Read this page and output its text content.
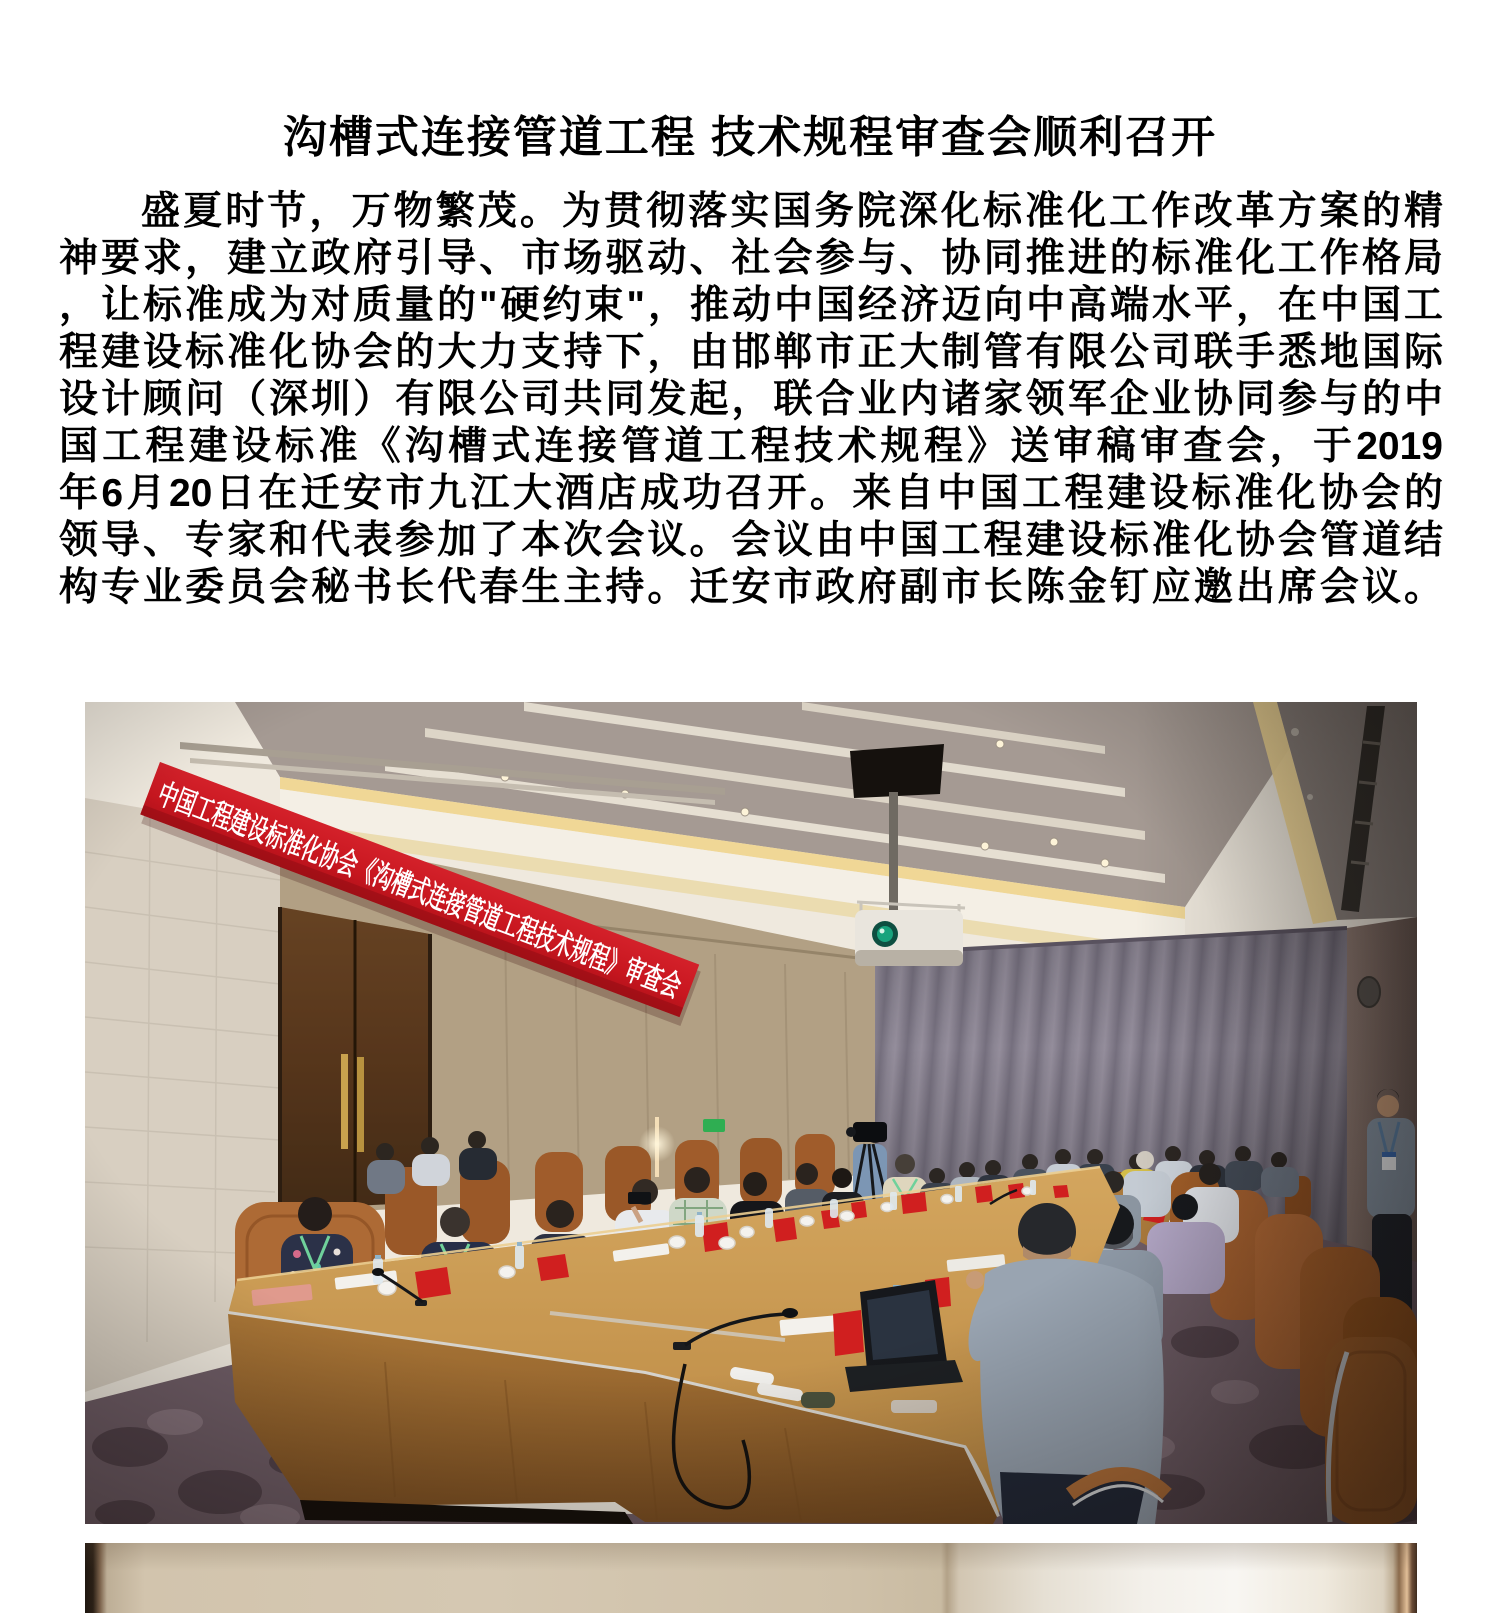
沟槽式连接管道工程 技术规程审查会顺利召开
盛夏时节，万物繁茂。为贯彻落实国务院深化标准化工作改革方案的精
神要求，建立政府引导、市场驱动、社会参与、协同推进的标准化工作格局
，让标准成为对质量的"硬约束"，推动中国经济迈向中高端水平，在中国工
程建设标准化协会的大力支持下，由邯郸市正大制管有限公司联手悉地国际
设计顾问（深圳）有限公司共同发起，联合业内诸家领军企业协同参与的中
国工程建设标准《沟槽式连接管道工程技术规程》送审稿审查会，于2019
年6月20日在迁安市九江大酒店成功召开。来自中国工程建设标准化协会的
领导、专家和代表参加了本次会议。会议由中国工程建设标准化协会管道结
构专业委员会秘书长代春生主持。迁安市政府副市长陈金钉应邀出席会议。
